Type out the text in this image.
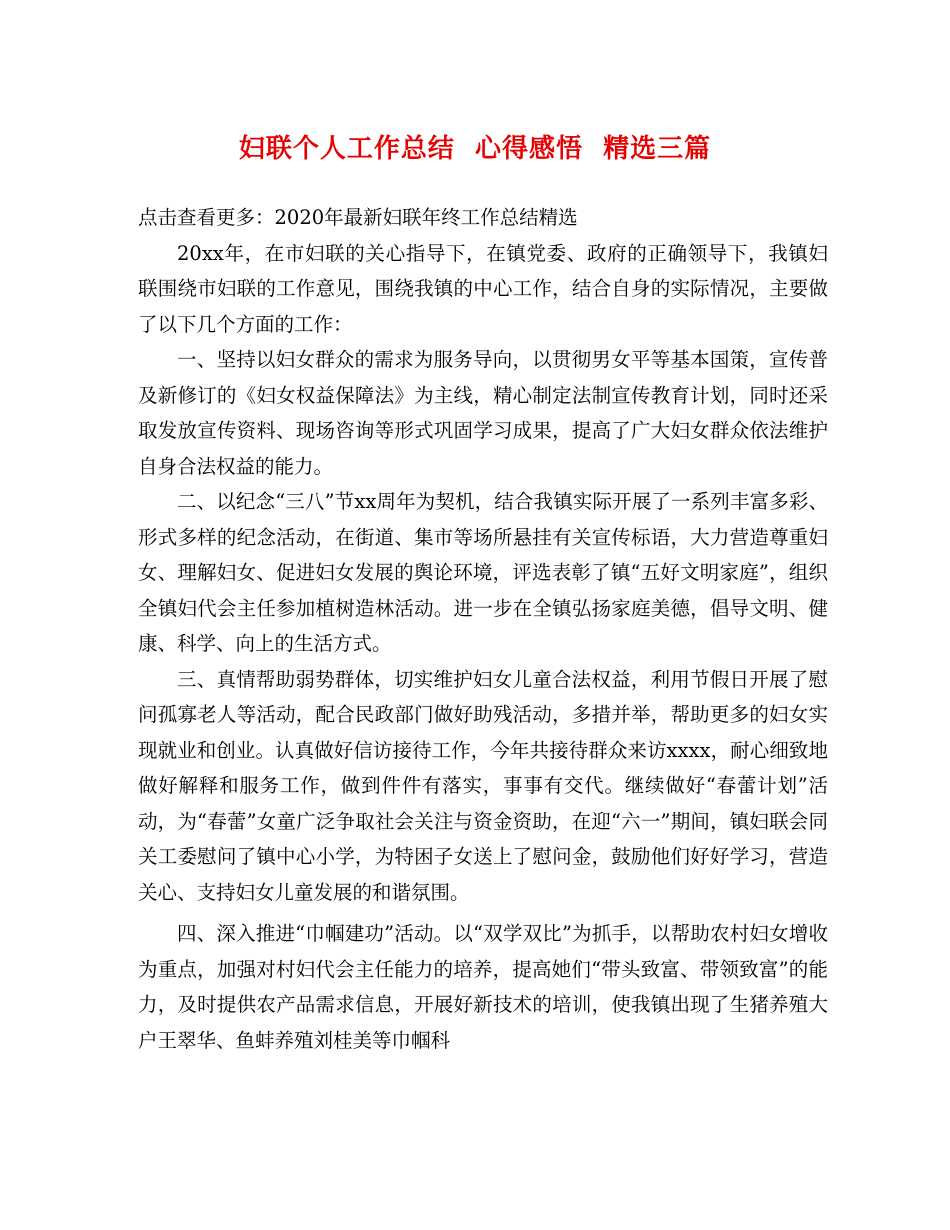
妇联个人工作总结  心得感悟  精选三篇

点击查看更多：2020年最新妇联年终工作总结精选

20xx年，在市妇联的关心指导下，在镇党委、政府的正确领导下，我镇妇联围绕市妇联的工作意见，围绕我镇的中心工作，结合自身的实际情况，主要做了以下几个方面的工作：

一、坚持以妇女群众的需求为服务导向，以贯彻男女平等基本国策，宣传普及新修订的《妇女权益保障法》为主线，精心制定法制宣传教育计划，同时还采取发放宣传资料、现场咨询等形式巩固学习成果，提高了广大妇女群众依法维护自身合法权益的能力。

二、以纪念“三八”节xx周年为契机，结合我镇实际开展了一系列丰富多彩、形式多样的纪念活动，在街道、集市等场所悬挂有关宣传标语，大力营造尊重妇女、理解妇女、促进妇女发展的舆论环境，评选表彰了镇“五好文明家庭”，组织全镇妇代会主任参加植树造林活动。进一步在全镇弘扬家庭美德，倡导文明、健康、科学、向上的生活方式。

三、真情帮助弱势群体，切实维护妇女儿童合法权益，利用节假日开展了慰问孤寡老人等活动，配合民政部门做好助残活动，多措并举，帮助更多的妇女实现就业和创业。认真做好信访接待工作，今年共接待群众来访xxxx，耐心细致地做好解释和服务工作，做到件件有落实，事事有交代。继续做好“春蕾计划”活动，为“春蕾”女童广泛争取社会关注与资金资助，在迎“六一”期间，镇妇联会同关工委慰问了镇中心小学，为特困子女送上了慰问金，鼓励他们好好学习，营造关心、支持妇女儿童发展的和谐氛围。

四、深入推进“巾帼建功”活动。以“双学双比”为抓手，以帮助农村妇女增收为重点，加强对村妇代会主任能力的培养，提高她们“带头致富、带领致富”的能力，及时提供农产品需求信息，开展好新技术的培训，使我镇出现了生猪养殖大户王翠华、鱼蚌养殖刘桂美等巾帼科
